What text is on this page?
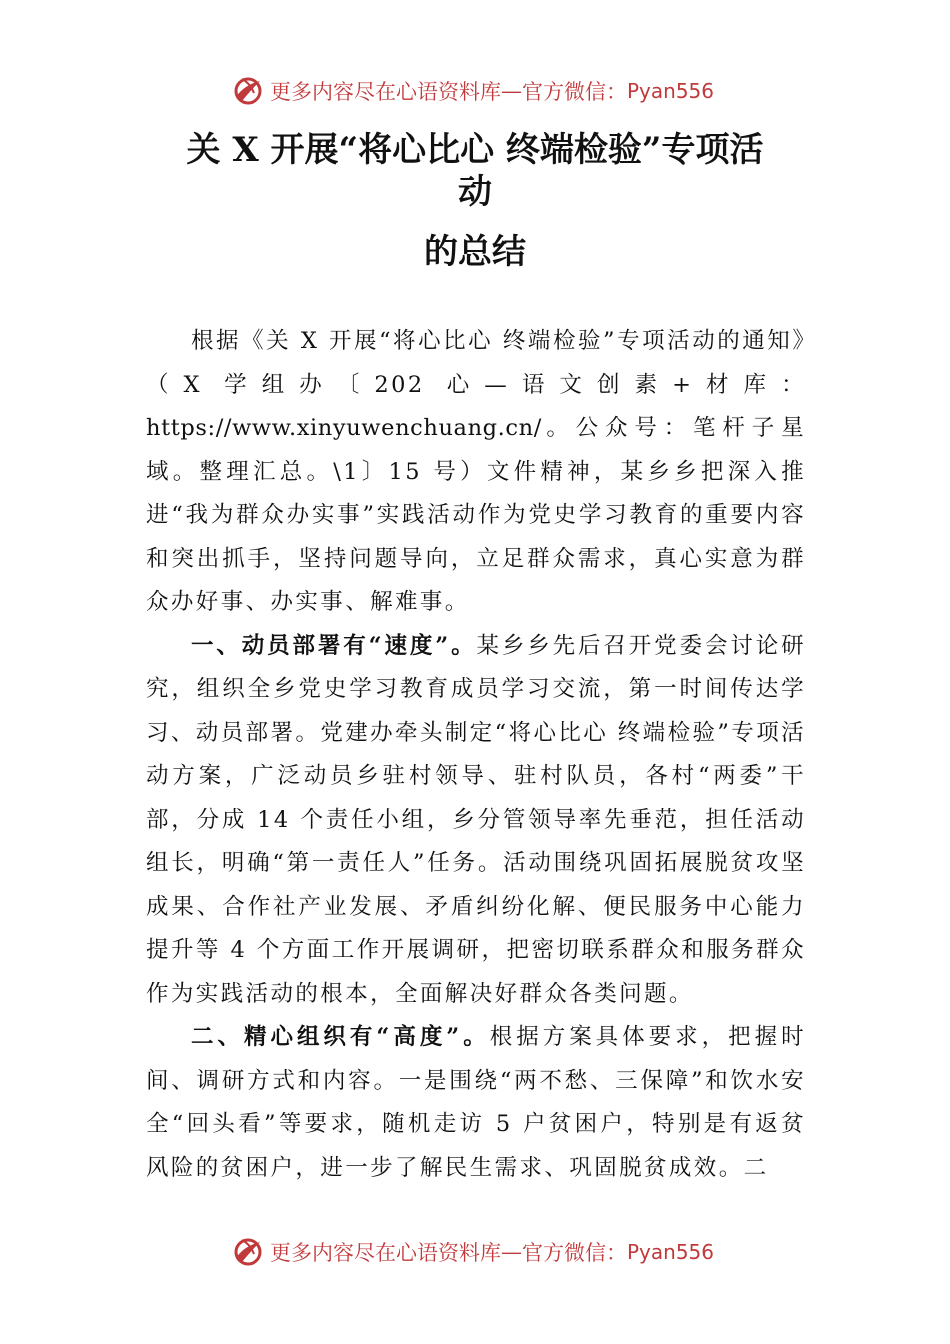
更多内容尽在心语资料库 — 官方微信： Pyan556
关 X 开展“将心比心 终端检验”专项活
动
的总结

根据《关 X 开展“将心比心 终端检验”专项活动的通知》（X 学组办〔202 心—语文创素+材库：https://www.xinyuwenchuang.cn/。公众号：笔杆子星域。整理汇总。\1〕15 号）文件精神，某乡乡把深入推进“我为群众办实事”实践活动作为党史学习教育的重要内容和突出抓手，坚持问题导向，立足群众需求，真心实意为群众办好事、办实事、解难事。

一、动员部署有“速度”。某乡乡先后召开党委会讨论研究，组织全乡党史学习教育成员学习交流，第一时间传达学习、动员部署。党建办牵头制定“将心比心 终端检验”专项活动方案，广泛动员乡驻村领导、驻村队员，各村“两委”干部，分成 14 个责任小组，乡分管领导率先垂范，担任活动组长，明确“第一责任人”任务。活动围绕巩固拓展脱贫攻坚成果、合作社产业发展、矛盾纠纷化解、便民服务中心能力提升等 4 个方面工作开展调研，把密切联系群众和服务群众作为实践活动的根本，全面解决好群众各类问题。

二、精心组织有“高度”。根据方案具体要求，把握时间、调研方式和内容。一是围绕“两不愁、三保障”和饮水安全“回头看”等要求，随机走访 5 户贫困户，特别是有返贫风险的贫困户，进一步了解民生需求、巩固脱贫成效。二

更多内容尽在心语资料库 — 官方微信： Pyan556
